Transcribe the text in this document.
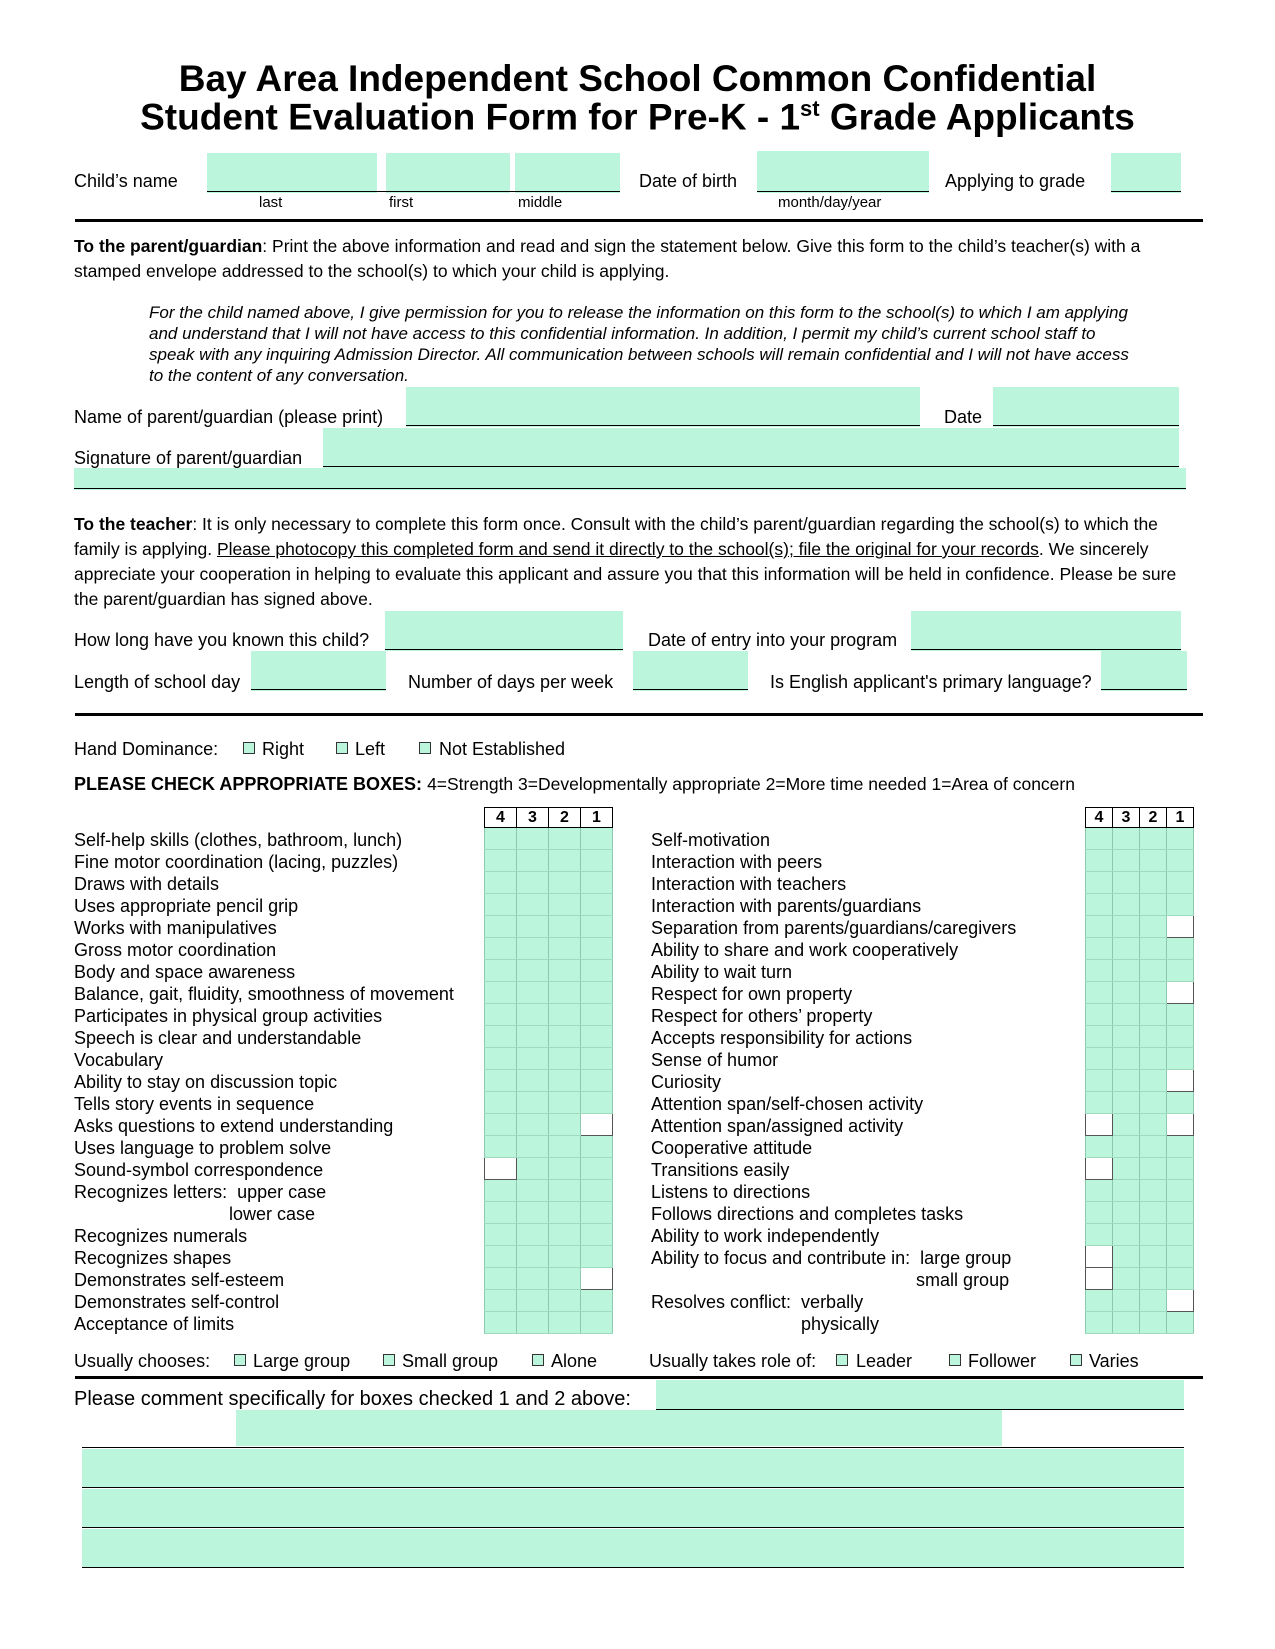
Bay Area Independent School Common Confidential
Student Evaluation Form for Pre-K - 1st Grade Applicants
Child’s name
last	first	middle
Date of birth
month/day/year
Applying to grade
To the parent/guardian: Print the above information and read and sign the statement below. Give this form to the child’s teacher(s) with a stamped envelope addressed to the school(s) to which your child is applying.
For the child named above, I give permission for you to release the information on this form to the school(s) to which I am applying and understand that I will not have access to this confidential information. In addition, I permit my child’s current school staff to speak with any inquiring Admission Director. All communication between schools will remain confidential and I will not have access to the content of any conversation.
Name of parent/guardian (please print)	Date
Signature of parent/guardian
To the teacher: It is only necessary to complete this form once. Consult with the child’s parent/guardian regarding the school(s) to which the family is applying. Please photocopy this completed form and send it directly to the school(s); file the original for your records. We sincerely appreciate your cooperation in helping to evaluate this applicant and assure you that this information will be held in confidence. Please be sure the parent/guardian has signed above.
How long have you known this child?	Date of entry into your program
Length of school day	Number of days per week	Is English applicant's primary language?
Hand Dominance: Right	Left	Not Established
PLEASE CHECK APPROPRIATE BOXES: 4=Strength 3=Developmentally appropriate 2=More time needed 1=Area of concern
Self-help skills (clothes, bathroom, lunch)
Fine motor coordination (lacing, puzzles)
Draws with details
Uses appropriate pencil grip
Works with manipulatives
Gross motor coordination
Body and space awareness
Balance, gait, fluidity, smoothness of movement
Participates in physical group activities
Speech is clear and understandable
Vocabulary
Ability to stay on discussion topic
Tells story events in sequence
Asks questions to extend understanding
Uses language to problem solve
Sound-symbol correspondence
Recognizes letters:  upper case
lower case
Recognizes numerals
Recognizes shapes
Demonstrates self-esteem
Demonstrates self-control
Acceptance of limits
4	3	2	1

Self-motivation
Interaction with peers
Interaction with teachers
Interaction with parents/guardians
Separation from parents/guardians/caregivers
Ability to share and work cooperatively
Ability to wait turn
Respect for own property
Respect for others’ property
Accepts responsibility for actions
Sense of humor
Curiosity
Attention span/self-chosen activity
Attention span/assigned activity
Cooperative attitude
Transitions easily
Listens to directions
Follows directions and completes tasks
Ability to work independently
Ability to focus and contribute in:  large group
small group
Resolves conflict:  verbally
physically
4	3	2	1

Usually chooses: Large group	Small group	Alone	Usually takes role of: Leader	Follower	Varies
Please comment specifically for boxes checked 1 and 2 above:
